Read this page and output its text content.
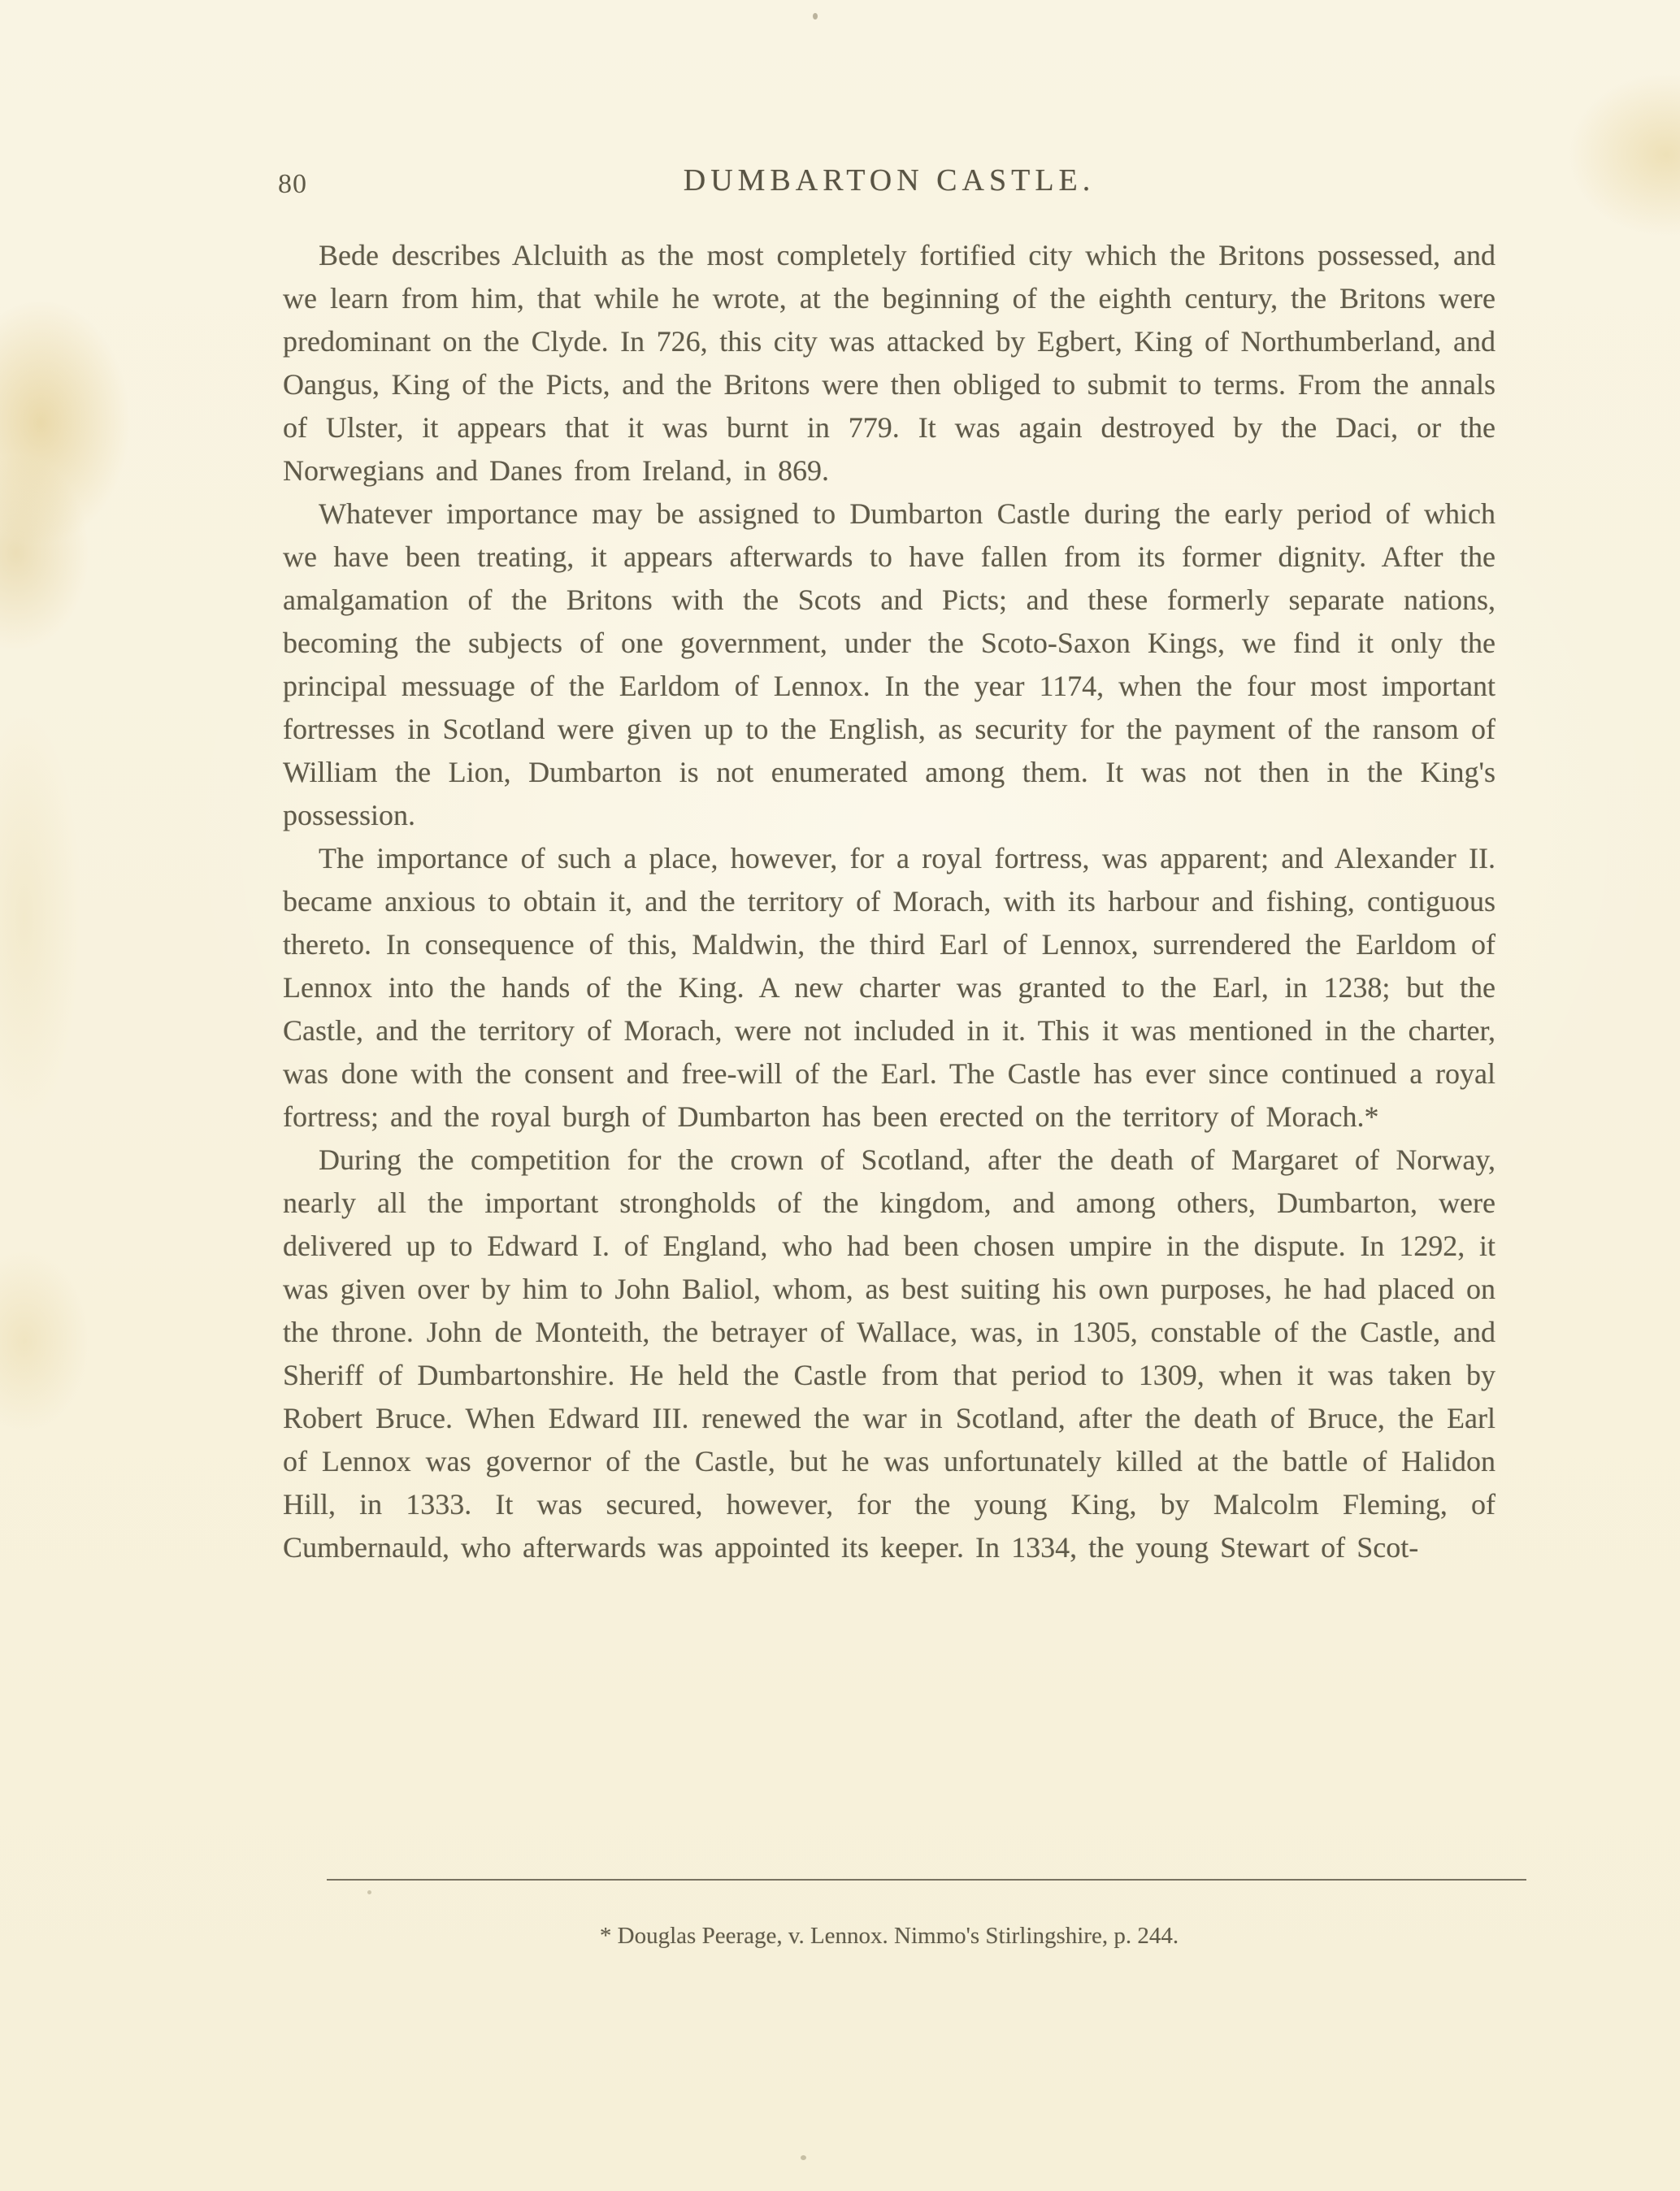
80	DUMBARTON CASTLE.

Bede describes Alcluith as the most completely fortified city which the Britons possessed, and we learn from him, that while he wrote, at the beginning of the eighth century, the Britons were predominant on the Clyde. In 726, this city was attacked by Egbert, King of Northumberland, and Oangus, King of the Picts, and the Britons were then obliged to submit to terms. From the annals of Ulster, it appears that it was burnt in 779. It was again destroyed by the Daci, or the Norwegians and Danes from Ireland, in 869.

Whatever importance may be assigned to Dumbarton Castle during the early period of which we have been treating, it appears afterwards to have fallen from its former dignity. After the amalgamation of the Britons with the Scots and Picts; and these formerly separate nations, becoming the subjects of one government, under the Scoto-Saxon Kings, we find it only the principal messuage of the Earldom of Lennox. In the year 1174, when the four most important fortresses in Scotland were given up to the English, as security for the payment of the ransom of William the Lion, Dumbarton is not enumerated among them. It was not then in the King's possession.

The importance of such a place, however, for a royal fortress, was apparent; and Alexander II. became anxious to obtain it, and the territory of Morach, with its harbour and fishing, contiguous thereto. In consequence of this, Maldwin, the third Earl of Lennox, surrendered the Earldom of Lennox into the hands of the King. A new charter was granted to the Earl, in 1238; but the Castle, and the territory of Morach, were not included in it. This it was mentioned in the charter, was done with the consent and free-will of the Earl. The Castle has ever since continued a royal fortress; and the royal burgh of Dumbarton has been erected on the territory of Morach.*

During the competition for the crown of Scotland, after the death of Margaret of Norway, nearly all the important strongholds of the kingdom, and among others, Dumbarton, were delivered up to Edward I. of England, who had been chosen umpire in the dispute. In 1292, it was given over by him to John Baliol, whom, as best suiting his own purposes, he had placed on the throne. John de Monteith, the betrayer of Wallace, was, in 1305, constable of the Castle, and Sheriff of Dumbartonshire. He held the Castle from that period to 1309, when it was taken by Robert Bruce. When Edward III. renewed the war in Scotland, after the death of Bruce, the Earl of Lennox was governor of the Castle, but he was unfortunately killed at the battle of Halidon Hill, in 1333. It was secured, however, for the young King, by Malcolm Fleming, of Cumbernauld, who afterwards was appointed its keeper. In 1334, the young Stewart of Scot-

* Douglas Peerage, v. Lennox. Nimmo's Stirlingshire, p. 244.
